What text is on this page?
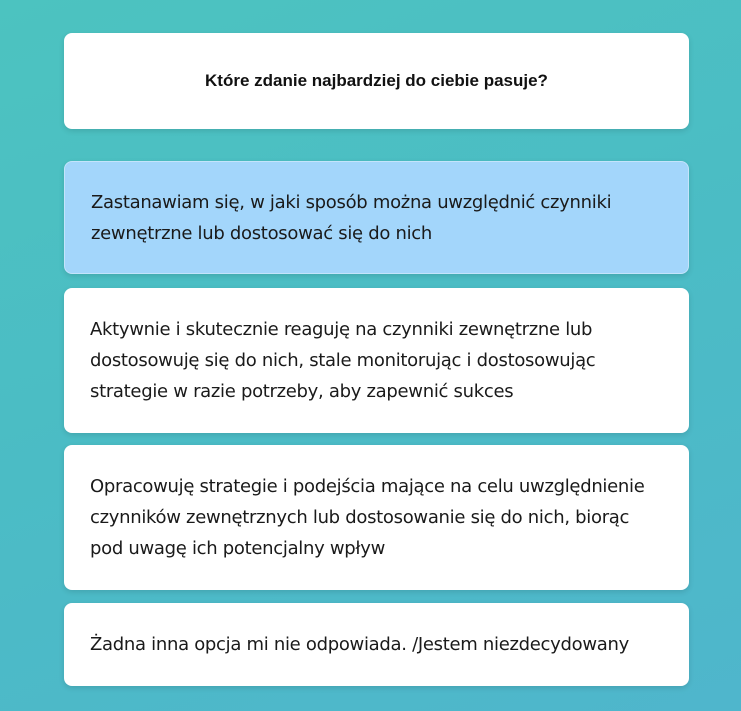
Które zdanie najbardziej do ciebie pasuje?
Zastanawiam się, w jaki sposób można uwzględnić czynniki zewnętrzne lub dostosować się do nich
Aktywnie i skutecznie reaguję na czynniki zewnętrzne lub dostosowuję się do nich, stale monitorując i dostosowując strategie w razie potrzeby, aby zapewnić sukces
Opracowuję strategie i podejścia mające na celu uwzględnienie czynników zewnętrznych lub dostosowanie się do nich, biorąc pod uwagę ich potencjalny wpływ
Żadna inna opcja mi nie odpowiada. /Jestem niezdecydowany
